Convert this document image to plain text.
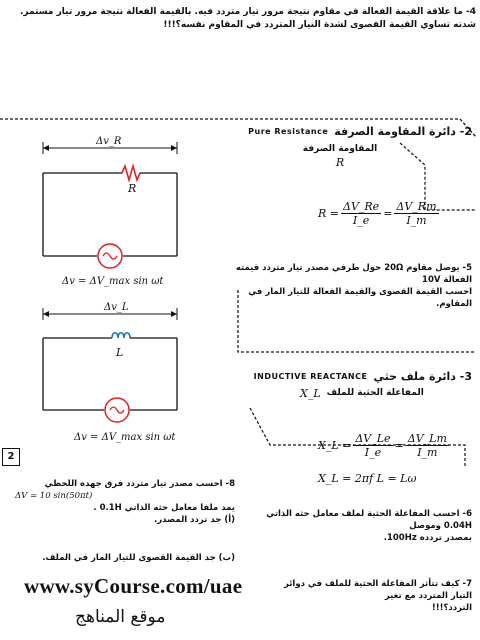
4- ما علاقة القيمة الفعالة في مقاوم نتيجة مرور تيار متردد فيه. بالقيمة الفعالة نتيجة مرور تيار مستمر. شدته تساوي القيمة القصوى لشدة التيار المتردد في المقاوم نفسه؟!!!
2- دائرة المقاومة الصرفة
Pure Resistance
المقاومة الصرفة
R
$R = \frac{\Delta V\_Re}{I\_e} = \frac{\Delta V\_Rm}{I\_m}$
5- يوصل مقاوم 20Ω حول طرفي مصدر تيار متردد قيمته الفعالة 10V
احسب القيمة القصوى والقيمة الفعالة للتيار المار في المقاوم.
Δv_R
R
Δv = ΔV_max sin ωt
Δv_L
L
Δv = ΔV_max sin ωt
3- دائرة ملف حثي
INDUCTIVE REACTANCE
المفاعلة الحثية للملف
X_L
X_L = $\frac{\Delta V\_Le}{I\_e} = \frac{\Delta V\_Lm}{I\_m}$
X_L = 2πf L = Lω
2
8- احسب مصدر تيار متردد فرق جهده اللحظي
ΔV = 10 sin(50πt)
يمد ملفا معامل حثه الذاتي 0.1H .
(أ) جد تردد المصدر.
(ب) جد القيمة القصوى للتيار المار في الملف.
6- احسب المفاعلة الحثية لملف معامل حثه الذاتي 0.04H وموصل
بمصدر تردده 100Hz.
7- كيف تتأثر المفاعلة الحثية للملف في دوائر التيار المتردد مع تغير
التردد؟!!!
www.syCourse.com/uae
موقع المناهج
